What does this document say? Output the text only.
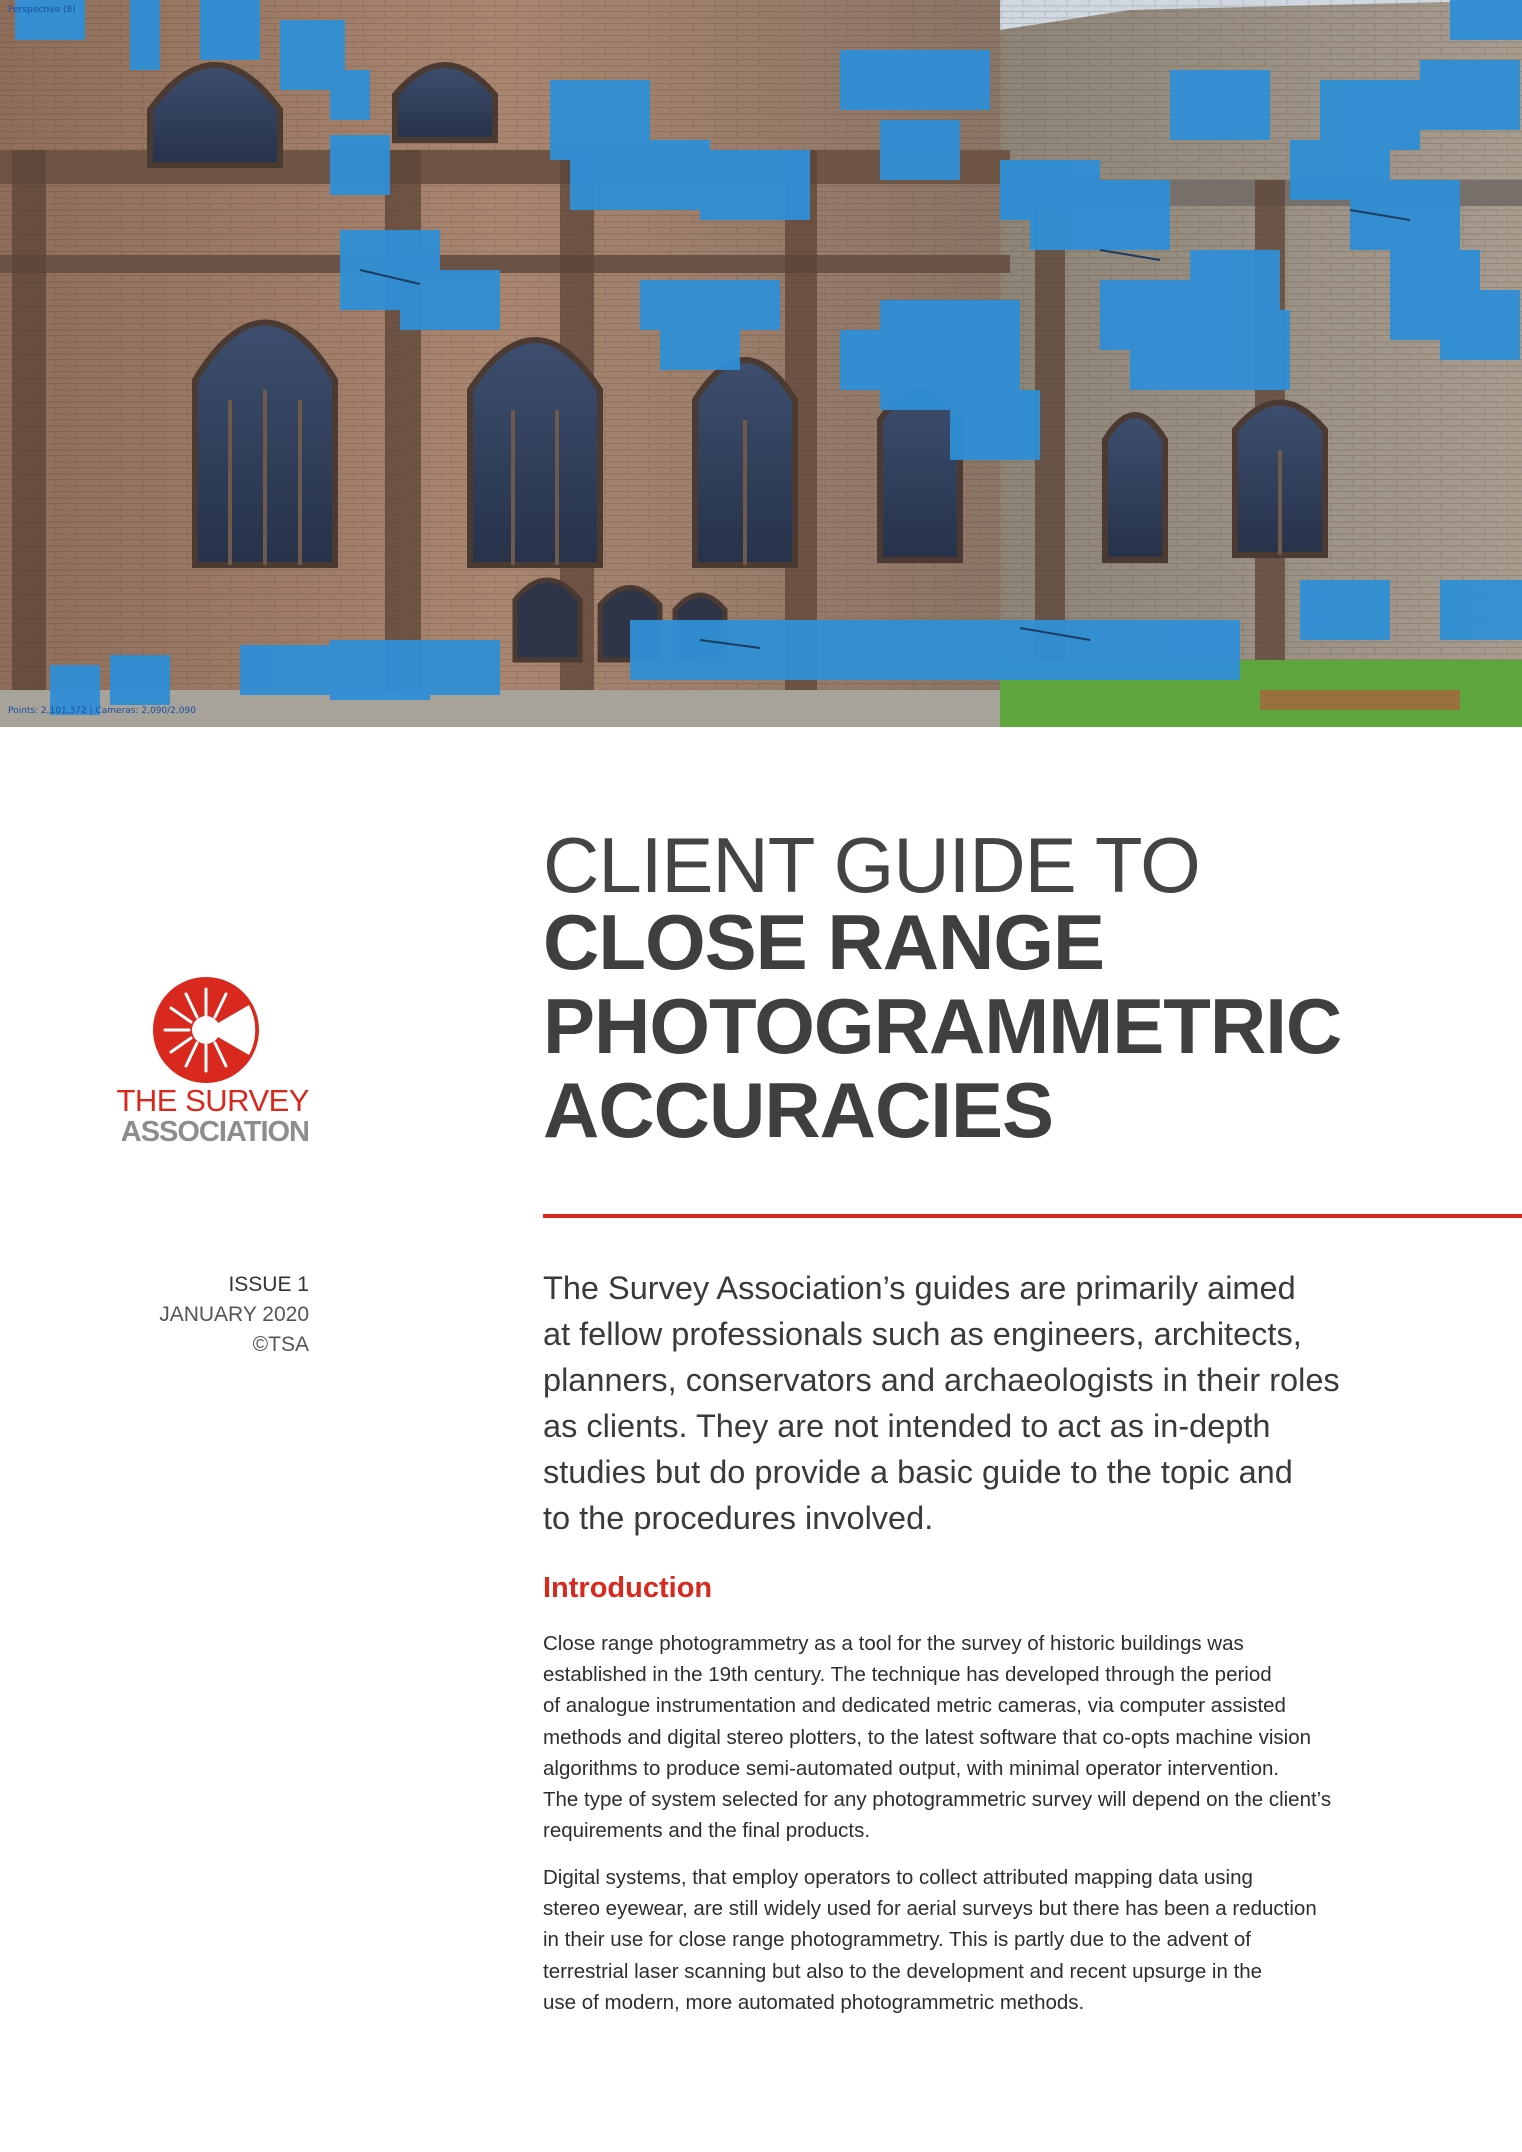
Perspective (8)
Points: 2,101,372 | Cameras: 2,090/2,090
THE SURVEY
ASSOCIATION
ISSUE 1
JANUARY 2020
©TSA
CLIENT GUIDE TO
CLOSE RANGE
PHOTOGRAMMETRIC
ACCURACIES
The Survey Association’s guides are primarily aimed
at fellow professionals such as engineers, architects,
planners, conservators and archaeologists in their roles
as clients. They are not intended to act as in-depth
studies but do provide a basic guide to the topic and
to the procedures involved.
Introduction
Close range photogrammetry as a tool for the survey of historic buildings was
established in the 19th century. The technique has developed through the period
of analogue instrumentation and dedicated metric cameras, via computer assisted
methods and digital stereo plotters, to the latest software that co-opts machine vision
algorithms to produce semi-automated output, with minimal operator intervention.
The type of system selected for any photogrammetric survey will depend on the client’s
requirements and the final products.
Digital systems, that employ operators to collect attributed mapping data using
stereo eyewear, are still widely used for aerial surveys but there has been a reduction
in their use for close range photogrammetry. This is partly due to the advent of
terrestrial laser scanning but also to the development and recent upsurge in the
use of modern, more automated photogrammetric methods.
